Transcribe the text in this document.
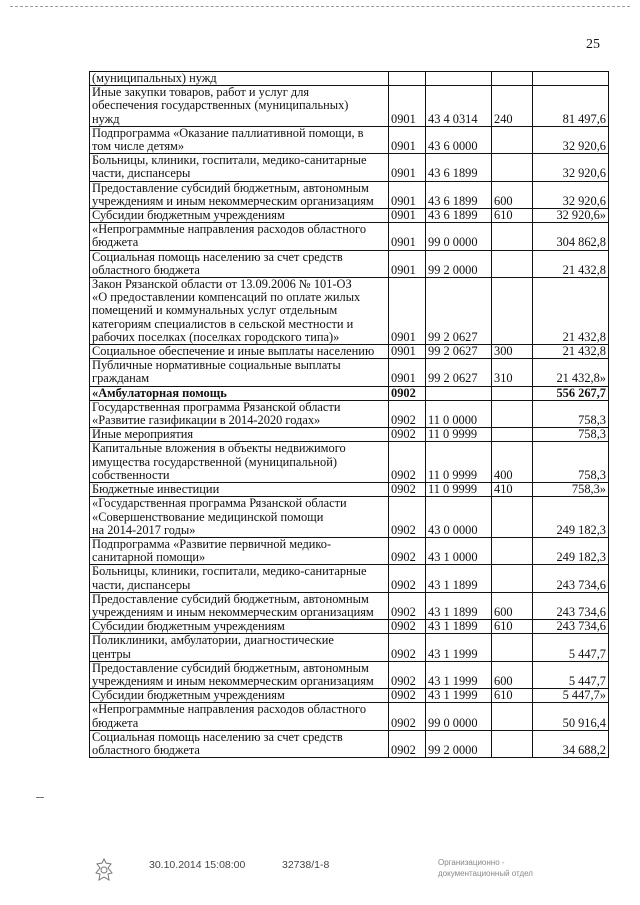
25
(муниципальных) нужд				
Иные закупки товаров, работ и услуг для
обеспечения государственных (муниципальных)
нужд	0901	43 4 0314	240	81 497,6
Подпрограмма «Оказание паллиативной помощи, в
том числе детям»	0901	43 6 0000		32 920,6
Больницы, клиники, госпитали, медико-санитарные
части, диспансеры	0901	43 6 1899		32 920,6
Предоставление субсидий бюджетным, автономным
учреждениям и иным некоммерческим организациям	0901	43 6 1899	600	32 920,6
Субсидии бюджетным учреждениям	0901	43 6 1899	610	32 920,6»
«Непрограммные направления расходов областного
бюджета	0901	99 0 0000		304 862,8
Социальная помощь населению за счет средств
областного бюджета	0901	99 2 0000		21 432,8
Закон Рязанской области от 13.09.2006 № 101-ОЗ
«О предоставлении компенсаций по оплате жилых
помещений и коммунальных услуг отдельным
категориям специалистов в сельской местности и
рабочих поселках (поселках городского типа)»	0901	99 2 0627		21 432,8
Социальное обеспечение и иные выплаты населению	0901	99 2 0627	300	21 432,8
Публичные нормативные социальные выплаты
гражданам	0901	99 2 0627	310	21 432,8»
«Амбулаторная помощь	0902			556 267,7
Государственная программа Рязанской области
«Развитие газификации в 2014-2020 годах»	0902	11 0 0000		758,3
Иные мероприятия	0902	11 0 9999		758,3
Капитальные вложения в объекты недвижимого
имущества государственной (муниципальной)
собственности	0902	11 0 9999	400	758,3
Бюджетные инвестиции	0902	11 0 9999	410	758,3»
«Государственная программа Рязанской области
«Совершенствование медицинской помощи
на 2014-2017 годы»	0902	43 0 0000		249 182,3
Подпрограмма «Развитие первичной медико-
санитарной помощи»	0902	43 1 0000		249 182,3
Больницы, клиники, госпитали, медико-санитарные
части, диспансеры	0902	43 1 1899		243 734,6
Предоставление субсидий бюджетным, автономным
учреждениям и иным некоммерческим организациям	0902	43 1 1899	600	243 734,6
Субсидии бюджетным учреждениям	0902	43 1 1899	610	243 734,6
Поликлиники, амбулатории, диагностические
центры	0902	43 1 1999		5 447,7
Предоставление субсидий бюджетным, автономным
учреждениям и иным некоммерческим организациям	0902	43 1 1999	600	5 447,7
Субсидии бюджетным учреждениям	0902	43 1 1999	610	5 447,7»
«Непрограммные направления расходов областного
бюджета	0902	99 0 0000		50 916,4
Социальная помощь населению за счет средств
областного бюджета	0902	99 2 0000		34 688,2
30.10.2014 15:08:00	32738/1-8	Организационно -
документационный отдел
